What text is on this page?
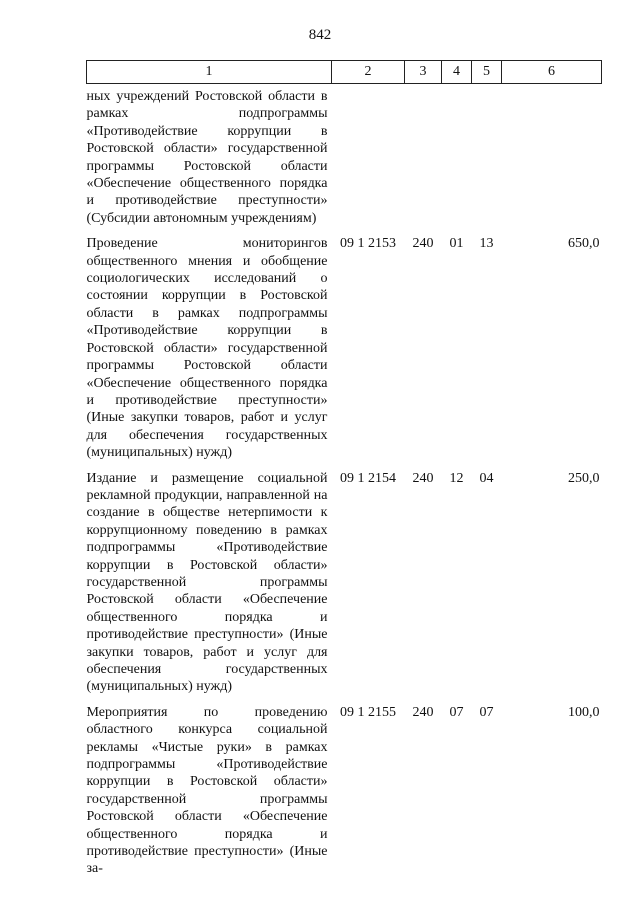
842
1	2	3	4	5	6
ных учреждений Ростовской области в рамках подпрограммы «Противодействие коррупции в Ростовской области» государственной программы Ростовской области «Обеспечение общественного порядка и противодействие преступности» (Субсидии автономным учреждениям)					
Проведение мониторингов общественного мнения и обобщение социологических исследований о состоянии коррупции в Ростовской области в рамках подпрограммы «Противодействие коррупции в Ростовской области» государственной программы Ростовской области «Обеспечение общественного порядка и противодействие преступности» (Иные закупки товаров, работ и услуг для обеспечения государственных (муниципальных) нужд)	09 1 2153	240	01	13	650,0
Издание и размещение социальной рекламной продукции, направленной на создание в обществе нетерпимости к коррупционному поведению в рамках подпрограммы «Противодействие коррупции в Ростовской области» государственной программы Ростовской области «Обеспечение общественного порядка и противодействие преступности» (Иные закупки товаров, работ и услуг для обеспечения государственных (муниципальных) нужд)	09 1 2154	240	12	04	250,0
Мероприятия по проведению областного конкурса социальной рекламы «Чистые руки» в рамках подпрограммы «Противодействие коррупции в Ростовской области» государственной программы Ростовской области «Обеспечение общественного порядка и противодействие преступности» (Иные за-	09 1 2155	240	07	07	100,0
